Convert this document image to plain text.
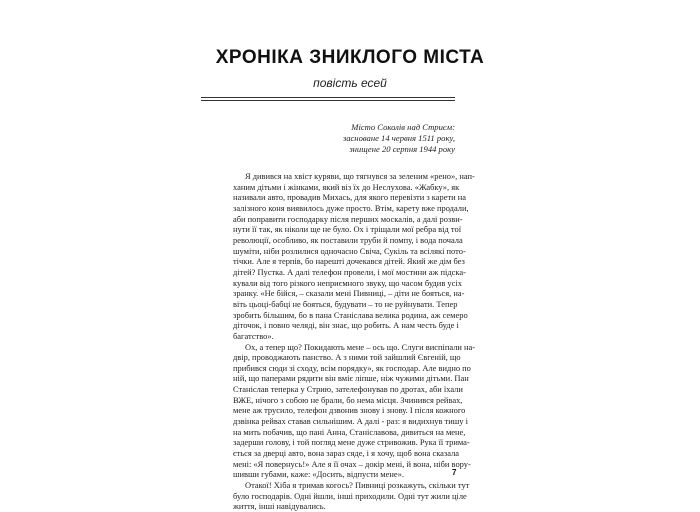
ХРОНІКА ЗНИКЛОГО МІСТА
повість есей
Місто Соколів над Стриєм:
засноване 14 червня 1511 року,
знищене 20 серпня 1944 року

Я дивився на хвіст куряви, що тягнувся за зеленим «рено», нап-
ханим дітьми і жінками, який віз їх до Неслухова. «Жабку», як
називали авто, провадив Михась, для якого перевізти з карети на
залізного коня виявилось дуже просто. Втім, карету вже продали,
аби поправити господарку після перших москалів, а далі розви-
нути її так, як ніколи ще не було. Ох і тріщали мої ребра від тої
революції, особливо, як поставили труби й помпу, і вода почала
шуміти, ніби розлилися одночасно Свіча, Сукіль та всілякі пото-
тічки. Але я терпів, бо нарешті дочекався дітей. Який же дім без
дітей? Пустка. А далі телефон провели, і мої мостини аж підска-
кували від того різкого неприємного звуку, що часом будив усіх
зранку. «Не бійся, – сказали мені Пивниці, – діти не бояться, на-
віть цьоці-бабці не бояться, будувати – то не руйнувати. Тепер
зробить більшим, бо в пана Станіслава велика родина, аж семеро
діточок, і повно челяді, він знає, що робить. А нам честь буде і
багатство».

Ох, а тепер що? Покидають мене – ось що. Слуги виспіпали на-
двір, проводжають панство. А з ними той зайшлий Євгеній, що
прибився сюди зі сходу, всім порядку», як господар. Але видно по
ній, що паперами рядити він вміє ліпше, ніж чужими дітьми. Пан
Станіслав теперка у Стрию, зателефонував по дротах, аби їхали
ВЖЕ, нічого з собою не брали, бо нема місця. Зчинився рейвах,
мене аж трусило, телефон дзвонив знову і знову. І після кожного
дзвінка рейвах ставав сильнішим. А далі - раз: я видихнув тишу і
на мить побачив, що пані Анна, Станіславова, дивиться на мене,
задерши голову, і той погляд мене дуже стривожив. Рука її трима-
ється за дверці авто, вона зараз сяде, і я хочу, щоб вона сказала
мені: «Я повернусь!» Але я її очах – докір мені, й вона, ніби вору-
шивши губами, каже: «Досить, відпусти мене».

Отакої! Хіба я тримав когось? Пивниці розкажуть, скільки тут
було господарів. Одні йшли, інші приходили. Одні тут жили ціле
життя, інші навідувались.

7
